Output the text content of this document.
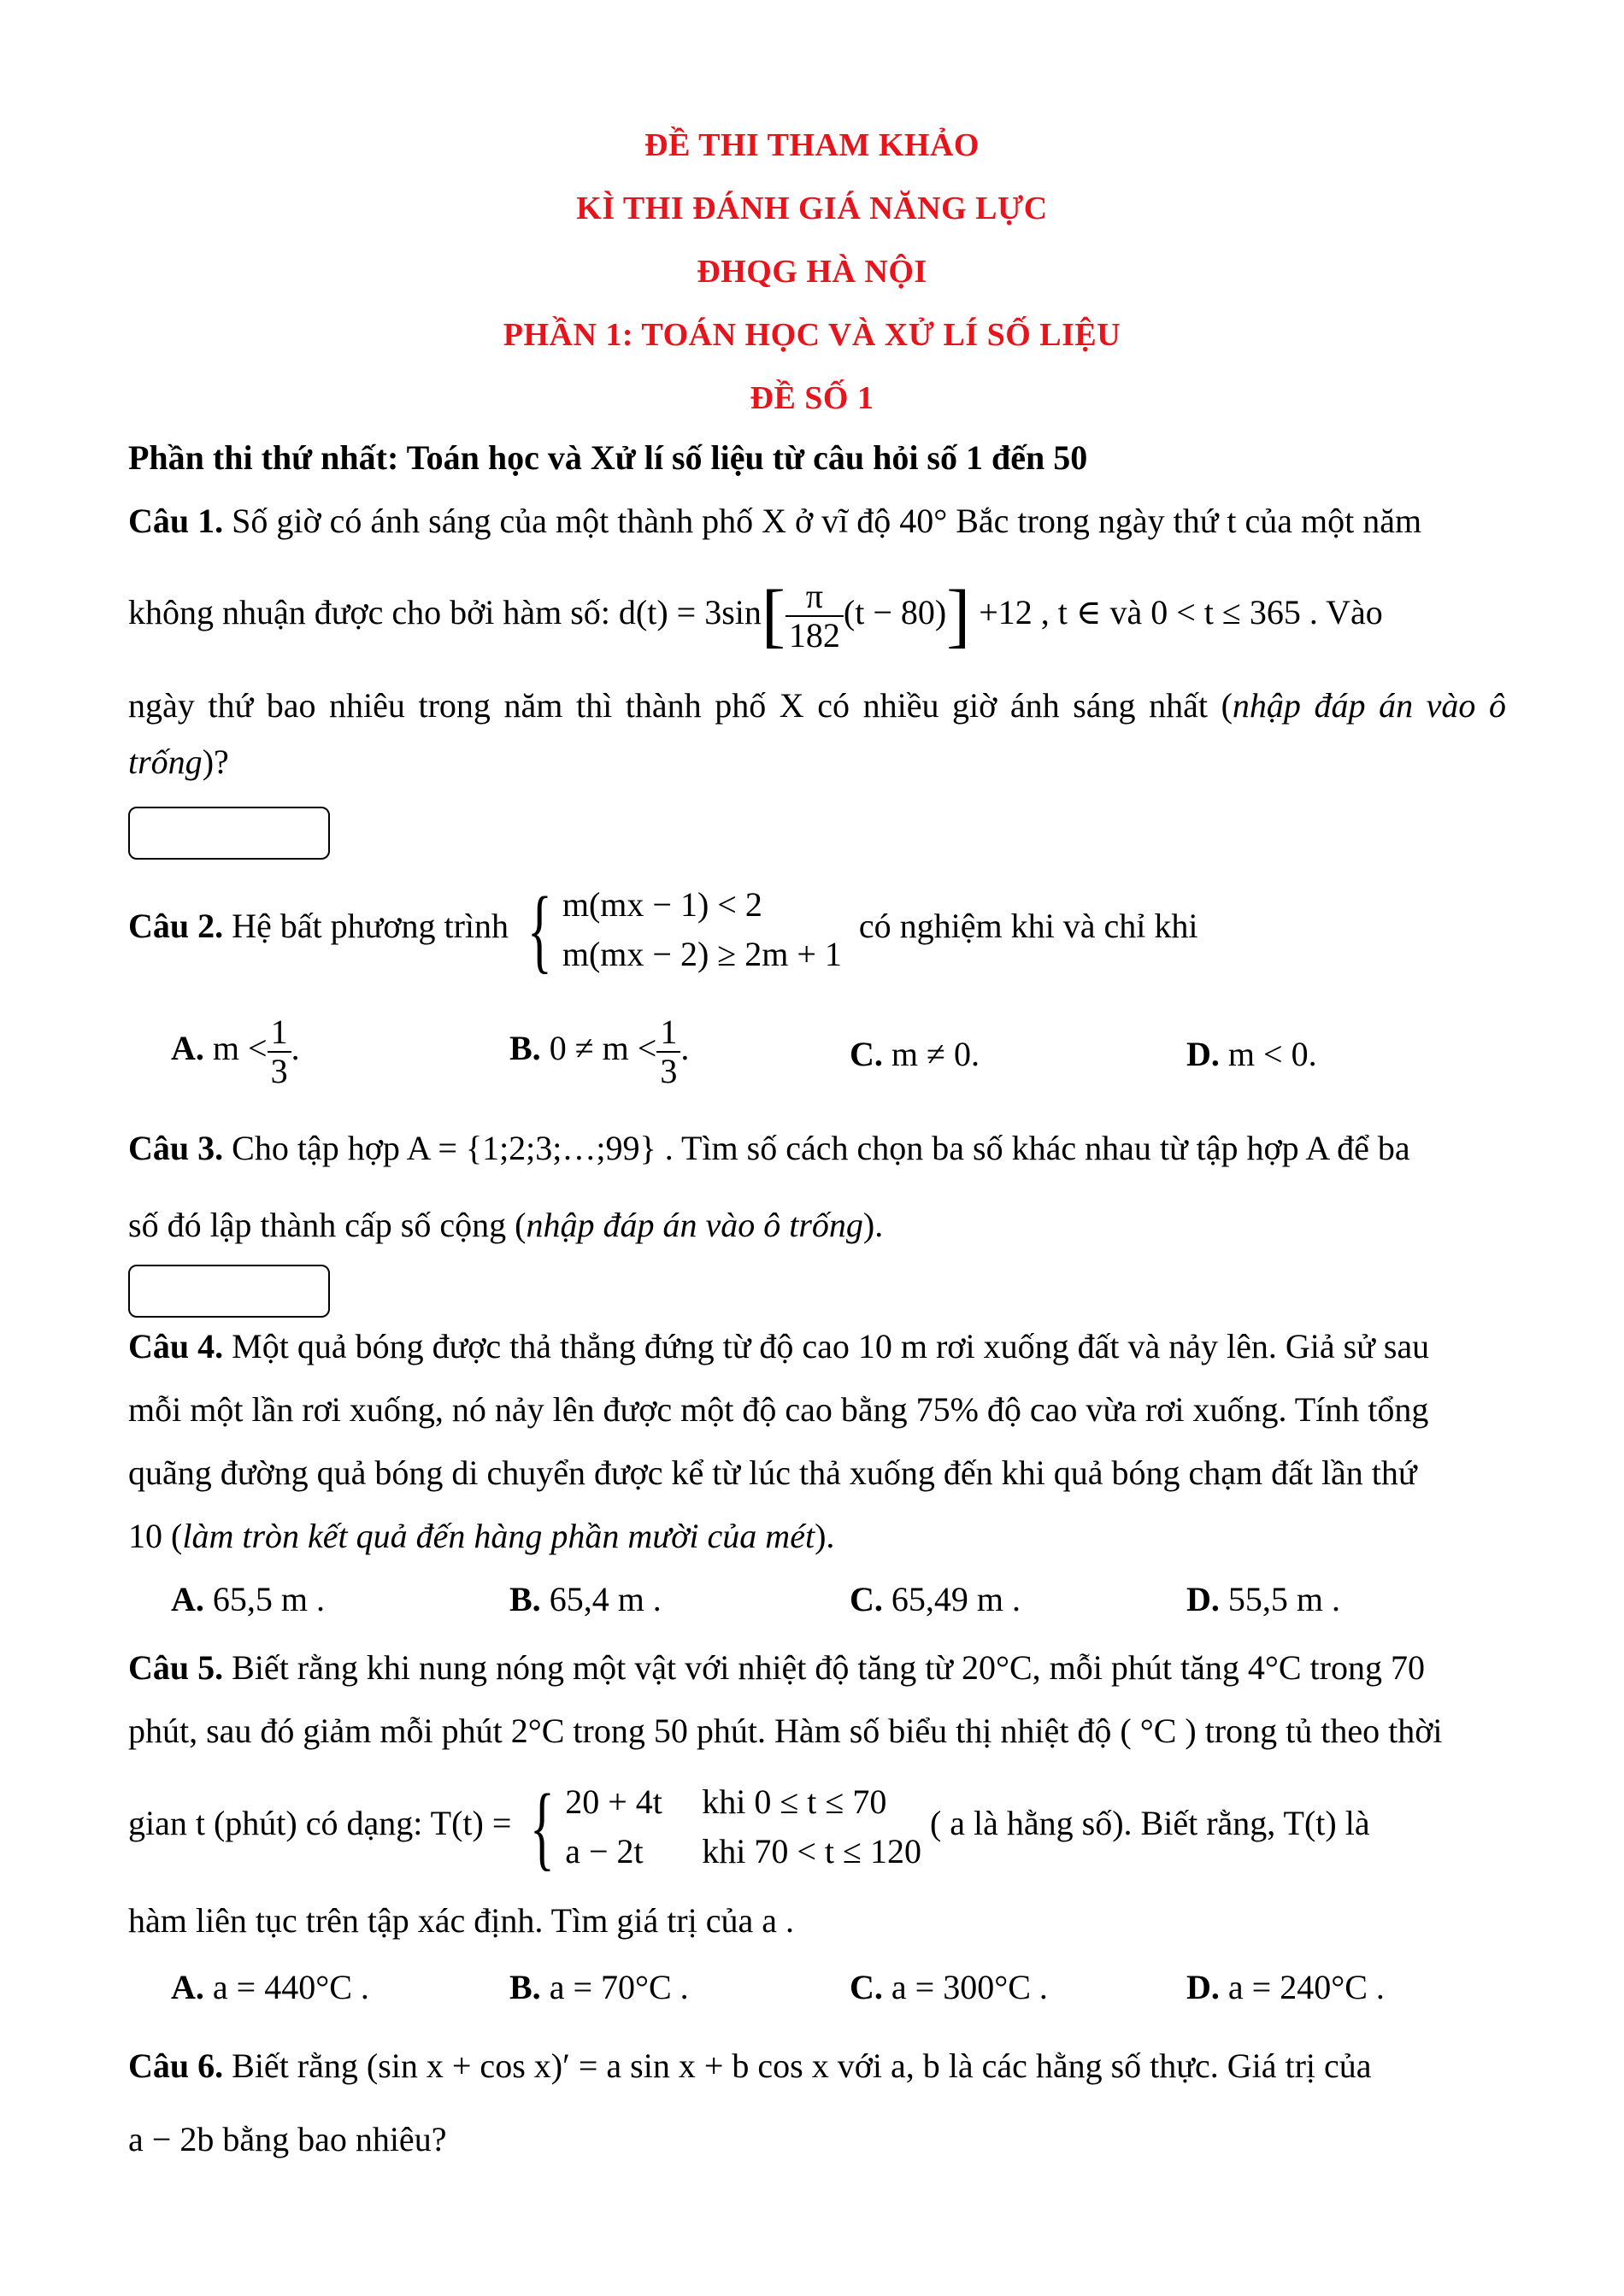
ĐỀ THI THAM KHẢO
KÌ THI ĐÁNH GIÁ NĂNG LỰC
ĐHQG HÀ NỘI
PHẦN 1: TOÁN HỌC VÀ XỬ LÍ SỐ LIỆU
ĐỀ SỐ 1
Phần thi thứ nhất: Toán học và Xử lí số liệu từ câu hỏi số 1 đến 50
Câu 1. Số giờ có ánh sáng của một thành phố X ở vĩ độ 40° Bắc trong ngày thứ t của một năm
không nhuận được cho bởi hàm số: $d(t) = 3\sin[ \frac{\pi}{182} (t - 80)] +12$ , t ∈ và 0 < t ≤ 365 . Vào
ngày thứ bao nhiêu trong năm thì thành phố X có nhiều giờ ánh sáng nhất (nhập đáp án vào ô
trống)?
Câu 2. Hệ bất phương trình { m(mx − 1) < 2
m(mx − 2) ≥ 2m + 1
có nghiệm khi và chỉ khi
A. $m < \frac{1}{3}$ .	B. $0 \ne m < \frac{1}{3}$ .	C. m ≠ 0.	D. m < 0.
Câu 3. Cho tập hợp A = {1;2;3;…;99} . Tìm số cách chọn ba số khác nhau từ tập hợp A để ba
số đó lập thành cấp số cộng (nhập đáp án vào ô trống).
Câu 4. Một quả bóng được thả thẳng đứng từ độ cao 10 m rơi xuống đất và nảy lên. Giả sử sau
mỗi một lần rơi xuống, nó nảy lên được một độ cao bằng 75% độ cao vừa rơi xuống. Tính tổng
quãng đường quả bóng di chuyển được kể từ lúc thả xuống đến khi quả bóng chạm đất lần thứ
10 (làm tròn kết quả đến hàng phần mười của mét).
A. 65,5 m .	B. 65,4 m .	C. 65,49 m .	D. 55,5 m .
Câu 5. Biết rằng khi nung nóng một vật với nhiệt độ tăng từ 20°C, mỗi phút tăng 4°C trong 70
phút, sau đó giảm mỗi phút 2°C trong 50 phút. Hàm số biểu thị nhiệt độ ( °C ) trong tủ theo thời
gian t (phút) có dạng: T(t) = { 20 + 4t khi 0 ≤ t ≤ 70
a − 2t khi 70 < t ≤ 120
( a là hằng số). Biết rằng, T(t) là
hàm liên tục trên tập xác định. Tìm giá trị của a .
A. a = 440°C .	B. a = 70°C .	C. a = 300°C .	D. a = 240°C .
Câu 6. Biết rằng (sin x + cos x)′ = a sin x + b cos x với a, b là các hằng số thực. Giá trị của
a − 2b bằng bao nhiêu?
